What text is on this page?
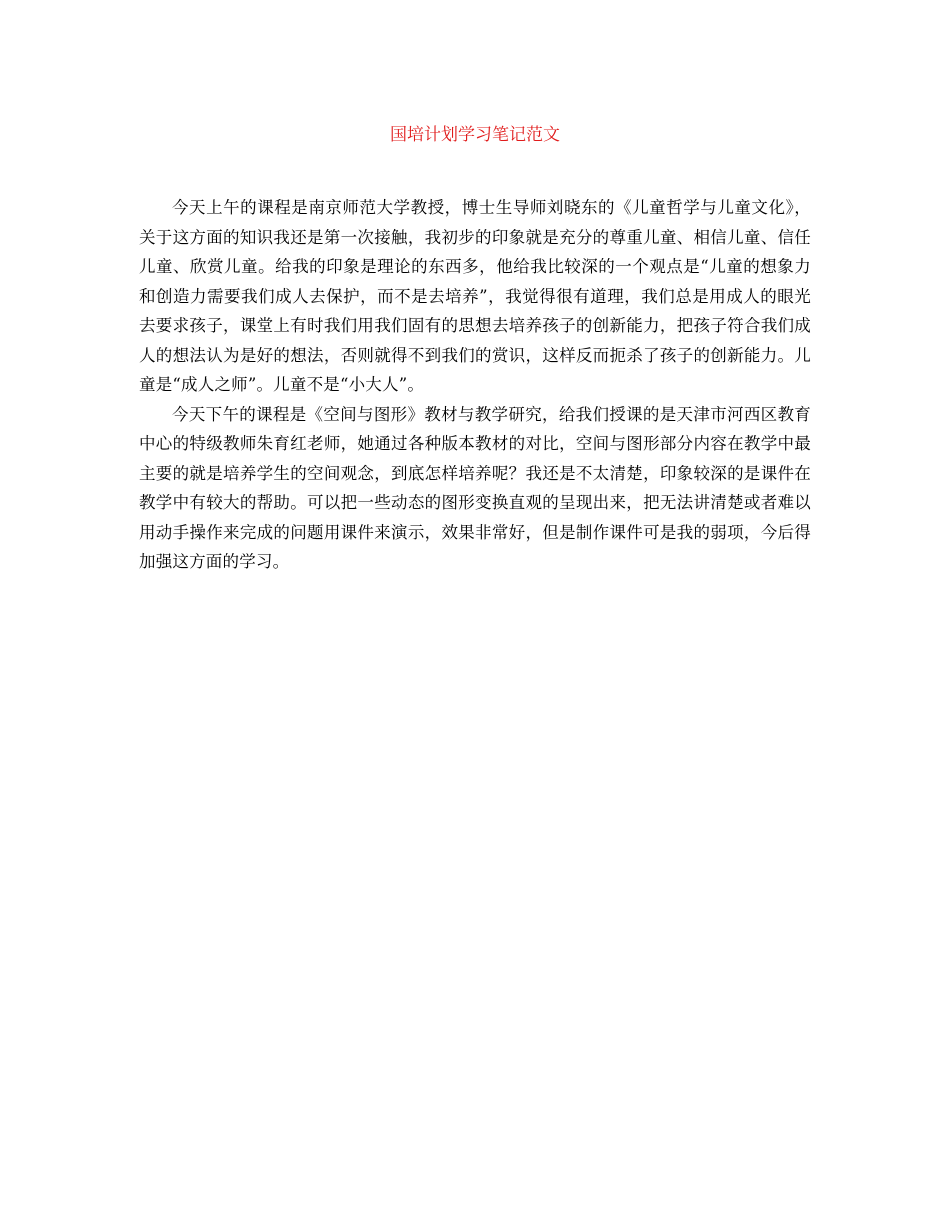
国培计划学习笔记范文

今天上午的课程是南京师范大学教授，博士生导师刘晓东的《儿童哲学与儿童文化》，关于这方面的知识我还是第一次接触，我初步的印象就是充分的尊重儿童、相信儿童、信任儿童、欣赏儿童。给我的印象是理论的东西多，他给我比较深的一个观点是“儿童的想象力和创造力需要我们成人去保护，而不是去培养”，我觉得很有道理，我们总是用成人的眼光去要求孩子，课堂上有时我们用我们固有的思想去培养孩子的创新能力，把孩子符合我们成人的想法认为是好的想法，否则就得不到我们的赏识，这样反而扼杀了孩子的创新能力。儿童是“成人之师”。儿童不是“小大人”。

今天下午的课程是《空间与图形》教材与教学研究，给我们授课的是天津市河西区教育中心的特级教师朱育红老师，她通过各种版本教材的对比，空间与图形部分内容在教学中最主要的就是培养学生的空间观念，到底怎样培养呢？我还是不太清楚，印象较深的是课件在教学中有较大的帮助。可以把一些动态的图形变换直观的呈现出来，把无法讲清楚或者难以用动手操作来完成的问题用课件来演示，效果非常好，但是制作课件可是我的弱项，今后得加强这方面的学习。
